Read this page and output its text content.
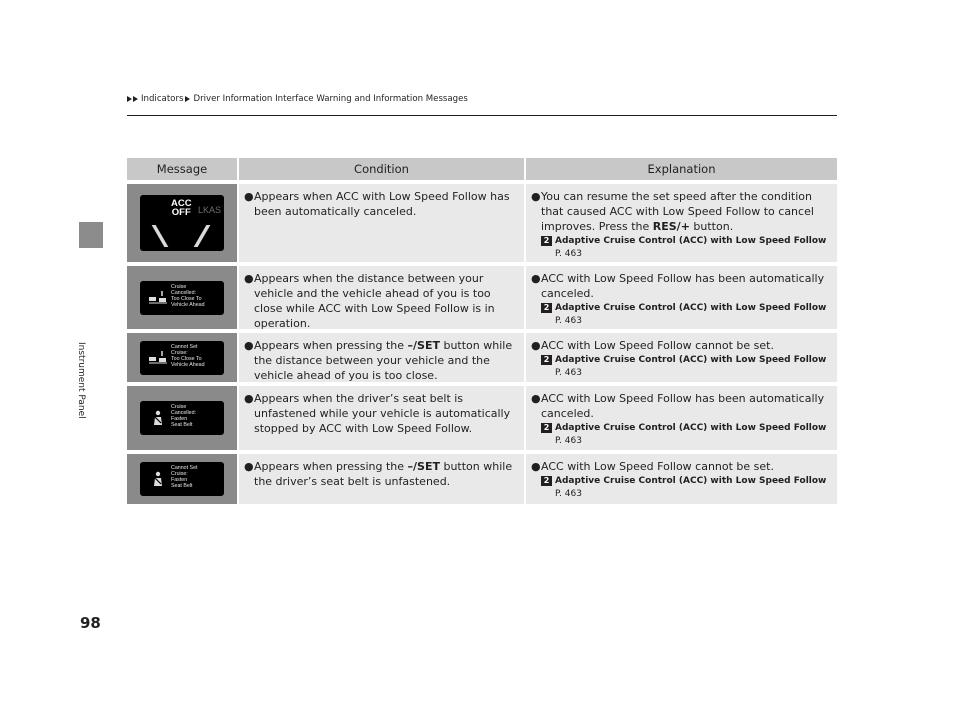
Instrument Panel
Indicators Driver Information Interface Warning and Information Messages
Message	Condition	Explanation
ACC
OFF LKAS
● Appears when ACC with Low Speed Follow has been automatically canceled.
● You can resume the set speed after the condition that caused ACC with Low Speed Follow to cancel improves. Press the RES/+ button.
2 Adaptive Cruise Control (ACC) with Low Speed Follow P. 463
Cruise
Cancelled:
Too Close To
Vehicle Ahead
● Appears when the distance between your vehicle and the vehicle ahead of you is too close while ACC with Low Speed Follow is in operation.
● ACC with Low Speed Follow has been automatically canceled.
2 Adaptive Cruise Control (ACC) with Low Speed Follow P. 463
Cannot Set
Cruise:
Too Close To
Vehicle Ahead
● Appears when pressing the –/SET button while the distance between your vehicle and the vehicle ahead of you is too close.
● ACC with Low Speed Follow cannot be set.
2 Adaptive Cruise Control (ACC) with Low Speed Follow P. 463
Cruise
Cancelled:
Fasten
Seat Belt
● Appears when the driver’s seat belt is unfastened while your vehicle is automatically stopped by ACC with Low Speed Follow.
● ACC with Low Speed Follow has been automatically canceled.
2 Adaptive Cruise Control (ACC) with Low Speed Follow P. 463
Cannot Set
Cruise:
Fasten
Seat Belt
● Appears when pressing the –/SET button while the driver’s seat belt is unfastened.
● ACC with Low Speed Follow cannot be set.
2 Adaptive Cruise Control (ACC) with Low Speed Follow P. 463
98
